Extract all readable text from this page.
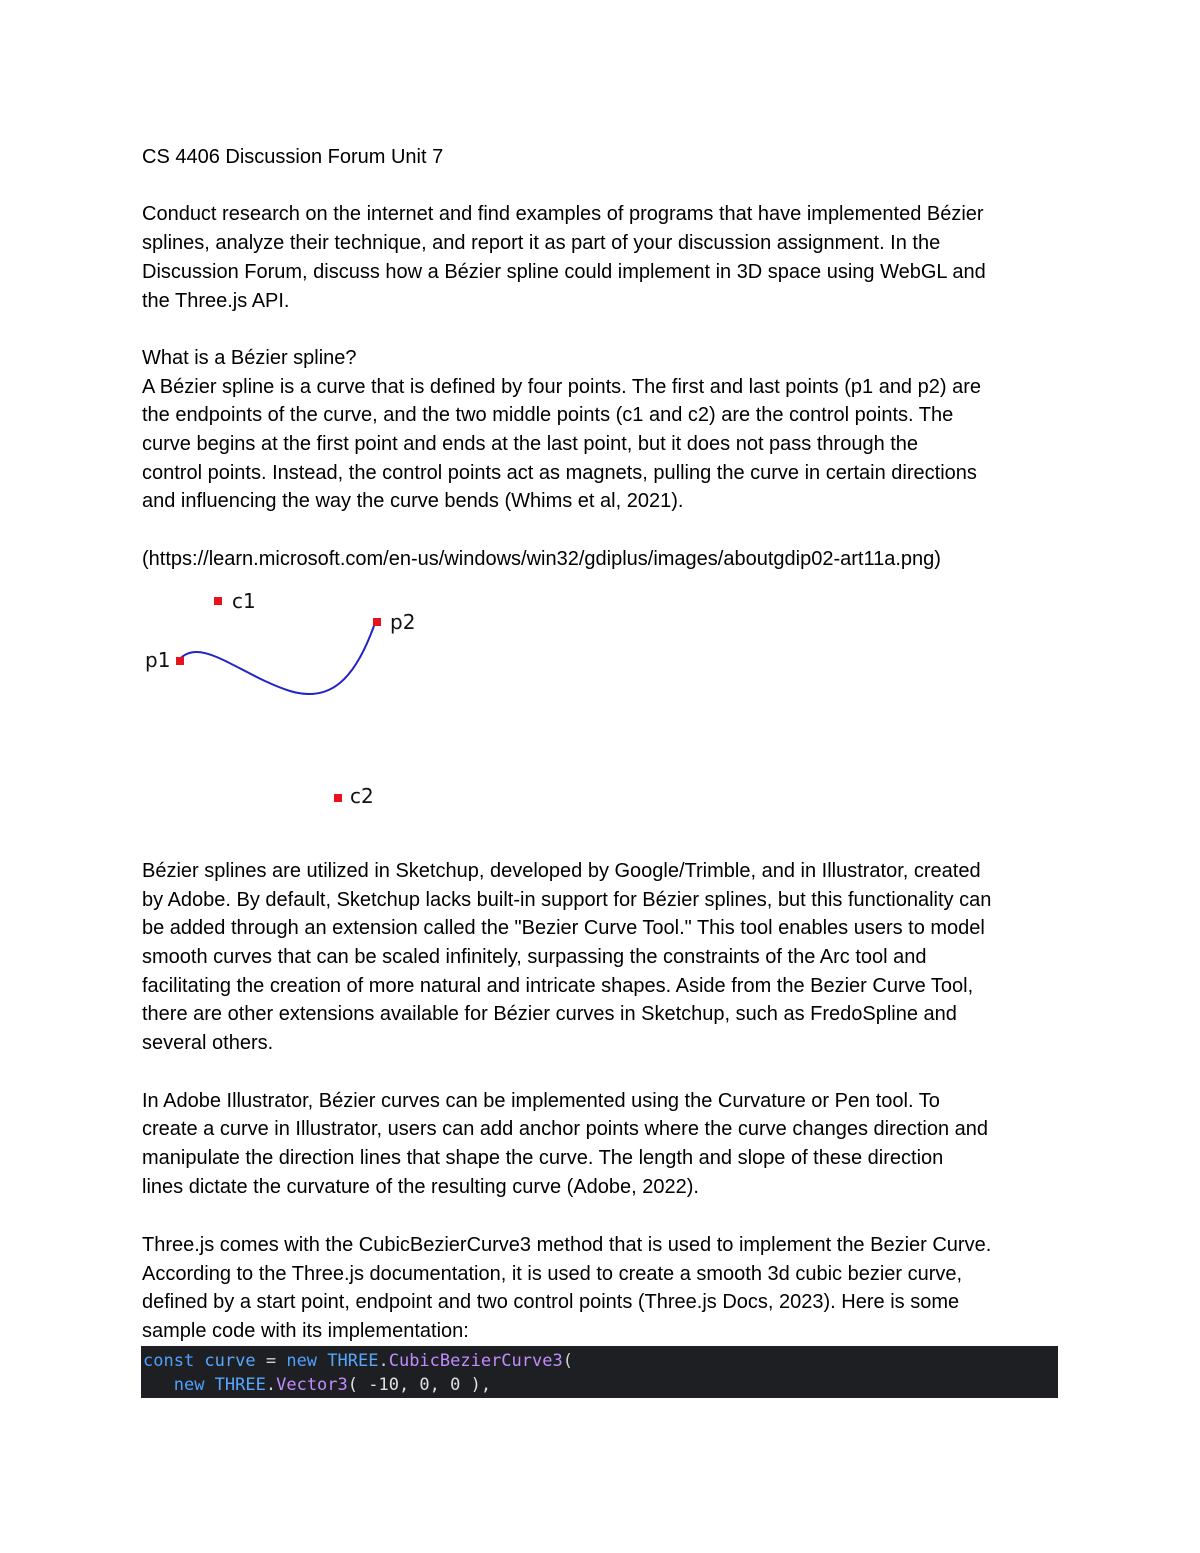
CS 4406 Discussion Forum Unit 7
Conduct research on the internet and find examples of programs that have implemented Bézier
splines, analyze their technique, and report it as part of your discussion assignment. In the
Discussion Forum, discuss how a Bézier spline could implement in 3D space using WebGL and
the Three.js API.
What is a Bézier spline?
A Bézier spline is a curve that is defined by four points. The first and last points (p1 and p2) are
the endpoints of the curve, and the two middle points (c1 and c2) are the control points. The
curve begins at the first point and ends at the last point, but it does not pass through the
control points. Instead, the control points act as magnets, pulling the curve in certain directions
and influencing the way the curve bends (Whims et al, 2021).
(https://learn.microsoft.com/en-us/windows/win32/gdiplus/images/aboutgdip02-art11a.png)
c1
p1
p2
c2
Bézier splines are utilized in Sketchup, developed by Google/Trimble, and in Illustrator, created
by Adobe. By default, Sketchup lacks built-in support for Bézier splines, but this functionality can
be added through an extension called the "Bezier Curve Tool." This tool enables users to model
smooth curves that can be scaled infinitely, surpassing the constraints of the Arc tool and
facilitating the creation of more natural and intricate shapes. Aside from the Bezier Curve Tool,
there are other extensions available for Bézier curves in Sketchup, such as FredoSpline and
several others.
In Adobe Illustrator, Bézier curves can be implemented using the Curvature or Pen tool. To
create a curve in Illustrator, users can add anchor points where the curve changes direction and
manipulate the direction lines that shape the curve. The length and slope of these direction
lines dictate the curvature of the resulting curve (Adobe, 2022).
Three.js comes with the CubicBezierCurve3 method that is used to implement the Bezier Curve.
According to the Three.js documentation, it is used to create a smooth 3d cubic bezier curve,
defined by a start point, endpoint and two control points (Three.js Docs, 2023). Here is some
sample code with its implementation:
const curve = new THREE.CubicBezierCurve3(
new THREE.Vector3( -10, 0, 0 ),
